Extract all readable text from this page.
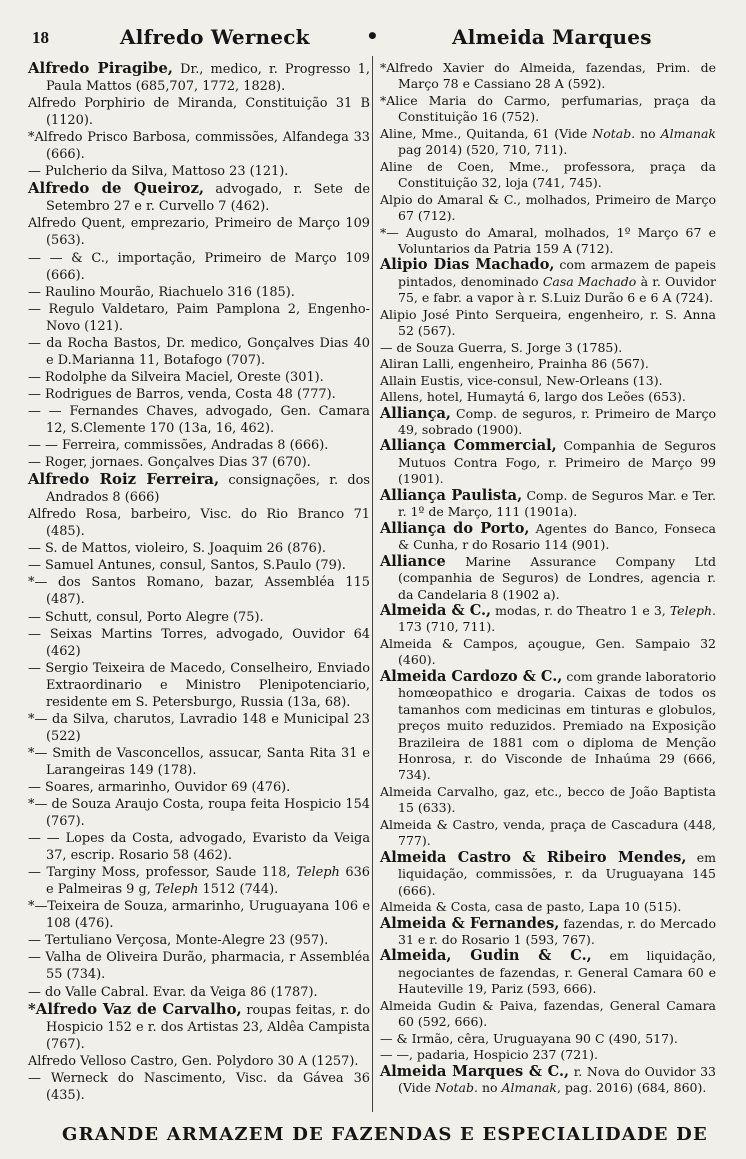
18	Alfredo Werneck	•	Almeida Marques

Alfredo Piragibe, Dr., medico, r. Progresso 1, Paula Mattos (685,707, 1772, 1828).

Alfredo Porphirio de Miranda, Constituição 31 B (1120).

*Alfredo Prisco Barbosa, commissões, Alfandega 33 (666).

— Pulcherio da Silva, Mattoso 23 (121).

Alfredo de Queiroz, advogado, r. Sete de Setembro 27 e r. Curvello 7 (462).

Alfredo Quent, emprezario, Primeiro de Março 109 (563).

— — & C., importação, Primeiro de Março 109 (666).

— Raulino Mourão, Riachuelo 316 (185).

— Regulo Valdetaro, Paim Pamplona 2, Engenho-Novo (121).

— da Rocha Bastos, Dr. medico, Gonçalves Dias 40 e D.Marianna 11, Botafogo (707).

— Rodolphe da Silveira Maciel, Oreste (301).

— Rodrigues de Barros, venda, Costa 48 (777).

— — Fernandes Chaves, advogado, Gen. Camara 12, S.Clemente 170 (13a, 16, 462).

— — Ferreira, commissões, Andradas 8 (666).

— Roger, jornaes. Gonçalves Dias 37 (670).

Alfredo Roiz Ferreira, consignações, r. dos Andrados 8 (666)

Alfredo Rosa, barbeiro, Visc. do Rio Branco 71 (485).

— S. de Mattos, violeiro, S. Joaquim 26 (876).

— Samuel Antunes, consul, Santos, S.Paulo (79).

*— dos Santos Romano, bazar, Assembléa 115 (487).

— Schutt, consul, Porto Alegre (75).

— Seixas Martins Torres, advogado, Ouvidor 64 (462)

— Sergio Teixeira de Macedo, Conselheiro, Enviado Extraordinario e Ministro Plenipotenciario, residente em S. Petersburgo, Russia (13a, 68).

*— da Silva, charutos, Lavradio 148 e Municipal 23 (522)

*— Smith de Vasconcellos, assucar, Santa Rita 31 e Larangeiras 149 (178).

— Soares, armarinho, Ouvidor 69 (476).

*— de Souza Araujo Costa, roupa feita Hospicio 154 (767).

— — Lopes da Costa, advogado, Evaristo da Veiga 37, escrip. Rosario 58 (462).

— Targiny Moss, professor, Saude 118, Teleph 636 e Palmeiras 9 g, Teleph 1512 (744).

*—Teixeira de Souza, armarinho, Uruguayana 106 e 108 (476).

— Tertuliano Verçosa, Monte-Alegre 23 (957).

— Valha de Oliveira Durão, pharmacia, r Assembléa 55 (734).

— do Valle Cabral. Evar. da Veiga 86 (1787).

*Alfredo Vaz de Carvalho, roupas feitas, r. do Hospicio 152 e r. dos Artistas 23, Aldêa Campista (767).

Alfredo Velloso Castro, Gen. Polydoro 30 A (1257).

— Werneck do Nascimento, Visc. da Gávea 36 (435).

*Alfredo Xavier do Almeida, fazendas, Prim. de Março 78 e Cassiano 28 A (592).

*Alice Maria do Carmo, perfumarias, praça da Constituição 16 (752).

Aline, Mme., Quitanda, 61 (Vide Notab. no Almanak pag 2014) (520, 710, 711).

Aline de Coen, Mme., professora, praça da Constituição 32, loja (741, 745).

Alpio do Amaral & C., molhados, Primeiro de Março 67 (712).

*— Augusto do Amaral, molhados, 1º Março 67 e Voluntarios da Patria 159 A (712).

Alipio Dias Machado, com armazem de papeis pintados, denominado Casa Machado à r. Ouvidor 75, e fabr. a vapor à r. S.Luiz Durão 6 e 6 A (724).

Alipio José Pinto Serqueira, engenheiro, r. S. Anna 52 (567).

— de Souza Guerra, S. Jorge 3 (1785).

Aliran Lalli, engenheiro, Prainha 86 (567).

Allain Eustis, vice-consul, New-Orleans (13).

Allens, hotel, Humaytá 6, largo dos Leões (653).

Alliança, Comp. de seguros, r. Primeiro de Março 49, sobrado (1900).

Alliança Commercial, Companhia de Seguros Mutuos Contra Fogo, r. Primeiro de Março 99 (1901).

Alliança Paulista, Comp. de Seguros Mar. e Ter. r. 1º de Março, 111 (1901a).

Alliança do Porto, Agentes do Banco, Fonseca & Cunha, r do Rosario 114 (901).

Alliance Marine Assurance Company Ltd (companhia de Seguros) de Londres, agencia r. da Candelaria 8 (1902 a).

Almeida & C., modas, r. do Theatro 1 e 3, Teleph. 173 (710, 711).

Almeida & Campos, açougue, Gen. Sampaio 32 (460).

Almeida Cardozo & C., com grande laboratorio homœopathico e drogaria. Caixas de todos os tamanhos com medicinas em tinturas e globulos, preços muito reduzidos. Premiado na Exposição Brazileira de 1881 com o diploma de Menção Honrosa, r. do Visconde de Inhaúma 29 (666, 734).

Almeida Carvalho, gaz, etc., becco de João Baptista 15 (633).

Almeida & Castro, venda, praça de Cascadura (448, 777).

Almeida Castro & Ribeiro Mendes, em liquidação, commissões, r. da Uruguayana 145 (666).

Almeida & Costa, casa de pasto, Lapa 10 (515).

Almeida & Fernandes, fazendas, r. do Mercado 31 e r. do Rosario 1 (593, 767).

Almeida, Gudin & C., em liquidação, negociantes de fazendas, r. General Camara 60 e Hauteville 19, Pariz (593, 666).

Almeida Gudin & Paiva, fazendas, General Camara 60 (592, 666).

— & Irmão, cêra, Uruguayana 90 C (490, 517).

— —, padaria, Hospicio 237 (721).

Almeida Marques & C., r. Nova do Ouvidor 33 (Vide Notab. no Almanak, pag. 2016) (684, 860).

GRANDE ARMAZEM DE FAZENDAS E ESPECIALIDADE DE
